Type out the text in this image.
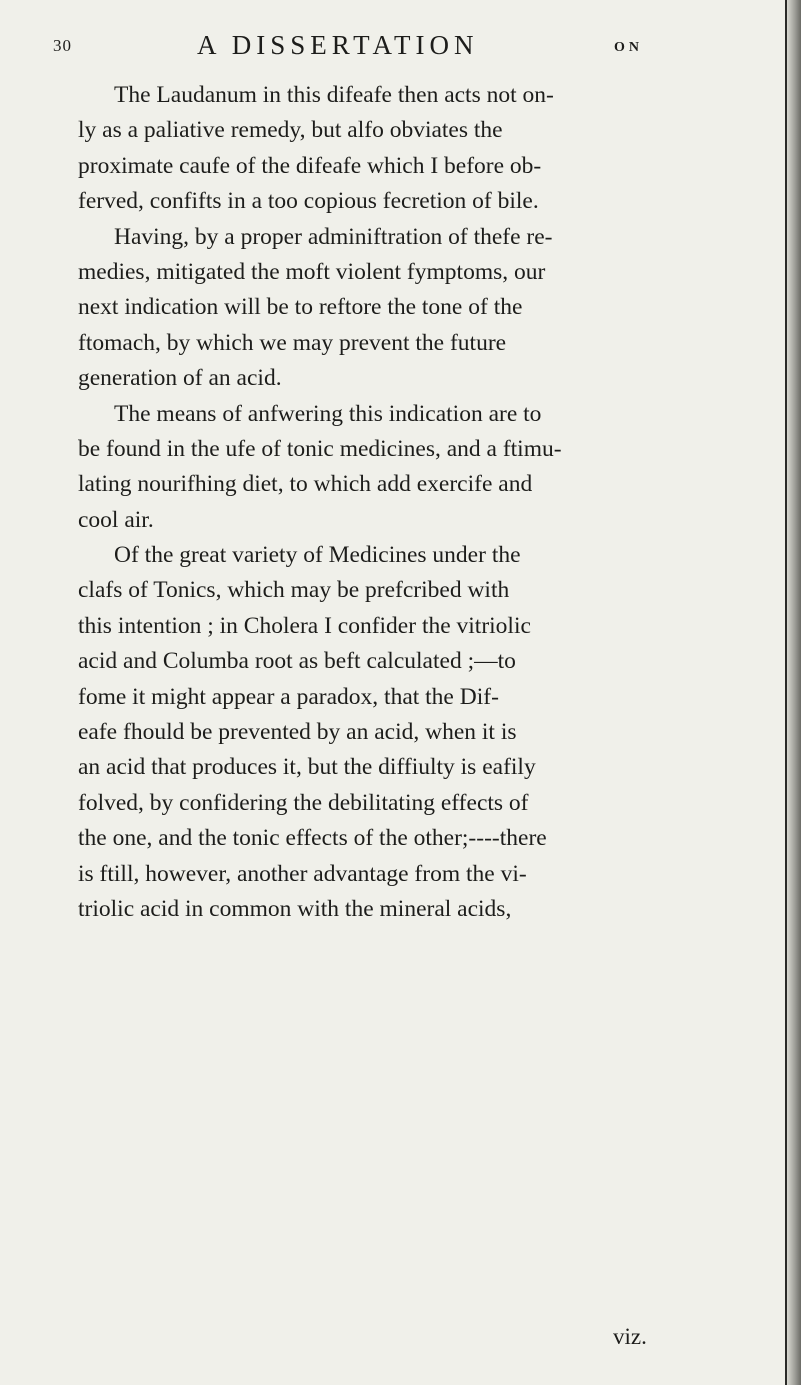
30	A DISSERTATION	ON
The Laudanum in this difeafe then acts not on-
ly as a paliative remedy, but alfo obviates the
proximate caufe of the difeafe which I before ob-
ferved, confifts in a too copious fecretion of bile.
Having, by a proper adminiftration of thefe re-
medies, mitigated the moft violent fymptoms, our
next indication will be to reftore the tone of the
ftomach, by which we may prevent the future
generation of an acid.
The means of anfwering this indication are to
be found in the ufe of tonic medicines, and a ftimu-
lating nourifhing diet, to which add exercife and
cool air.
Of the great variety of Medicines under the
clafs of Tonics, which may be prefcribed with
this intention ; in Cholera I confider the vitriolic
acid and Columba root as beft calculated ;—to
fome it might appear a paradox, that the Dif-
eafe fhould be prevented by an acid, when it is
an acid that produces it, but the diffiulty is eafily
folved, by confidering the debilitating effects of
the one, and the tonic effects of the other;----there
is ftill, however, another advantage from the vi-
triolic acid in common with the mineral acids,
viz.
